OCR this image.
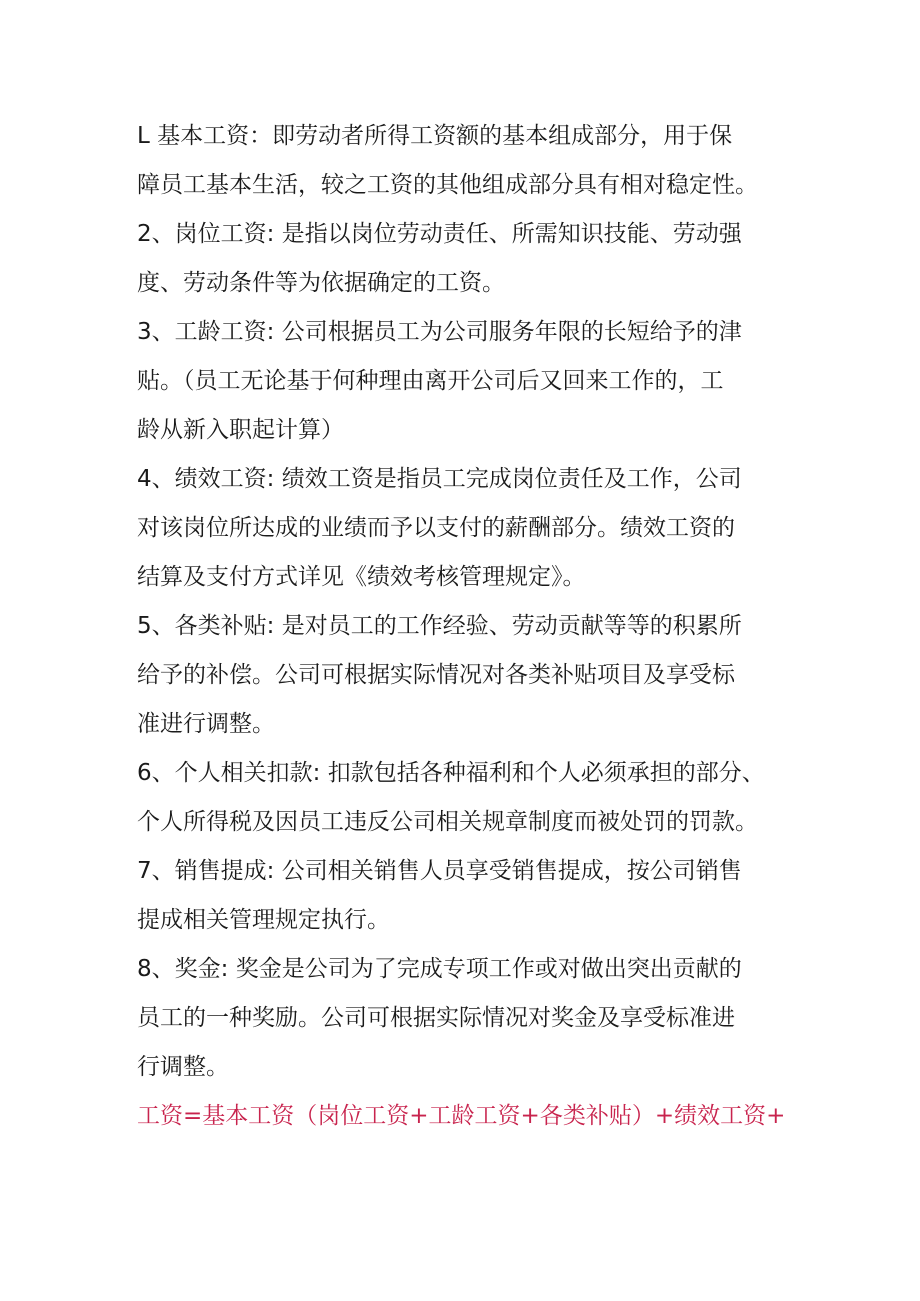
L 基本工资：即劳动者所得工资额的基本组成部分，用于保
障员工基本生活，较之工资的其他组成部分具有相对稳定性。

2、岗位工资: 是指以岗位劳动责任、所需知识技能、劳动强
度、劳动条件等为依据确定的工资。

3、工龄工资: 公司根据员工为公司服务年限的长短给予的津
贴。（员工无论基于何种理由离开公司后又回来工作的，工
龄从新入职起计算）

4、绩效工资: 绩效工资是指员工完成岗位责任及工作，公司
对该岗位所达成的业绩而予以支付的薪酬部分。绩效工资的
结算及支付方式详见《绩效考核管理规定》。

5、各类补贴: 是对员工的工作经验、劳动贡献等等的积累所
给予的补偿。公司可根据实际情况对各类补贴项目及享受标
准进行调整。

6、个人相关扣款: 扣款包括各种福利和个人必须承担的部分、
个人所得税及因员工违反公司相关规章制度而被处罚的罚款。

7、销售提成: 公司相关销售人员享受销售提成，按公司销售
提成相关管理规定执行。

8、奖金: 奖金是公司为了完成专项工作或对做出突出贡献的
员工的一种奖励。公司可根据实际情况对奖金及享受标准进
行调整。

工资=基本工资（岗位工资+工龄工资+各类补贴）+绩效工资+
